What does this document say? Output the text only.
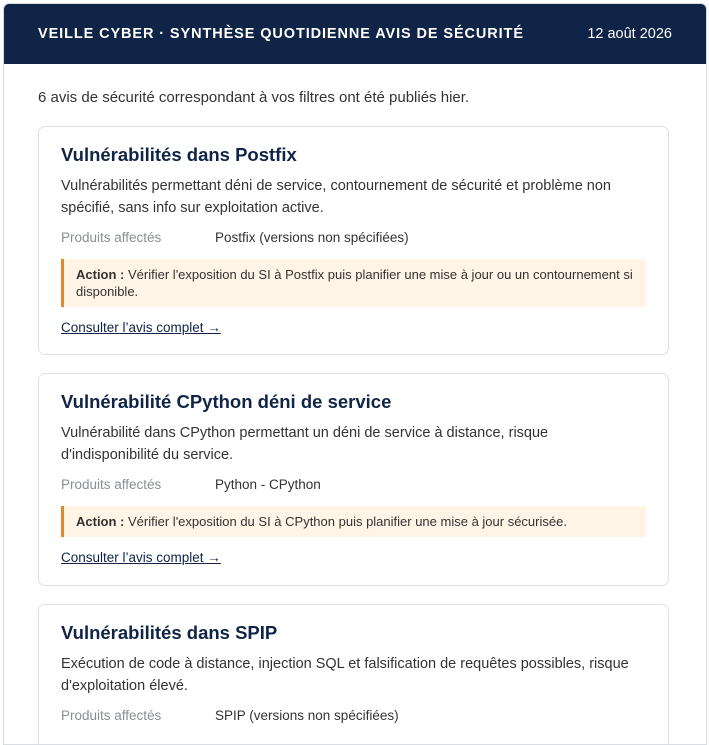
VEILLE CYBER · SYNTHÈSE QUOTIDIENNE AVIS DE SÉCURITÉ	12 août 2026
6 avis de sécurité correspondant à vos filtres ont été publiés hier.
Vulnérabilités dans Postfix
Vulnérabilités permettant déni de service, contournement de sécurité et problème non spécifié, sans info sur exploitation active.
Produits affectés	Postfix (versions non spécifiées)
Action : Vérifier l'exposition du SI à Postfix puis planifier une mise à jour ou un contournement si disponible.
Consulter l’avis complet →
Vulnérabilité CPython déni de service
Vulnérabilité dans CPython permettant un déni de service à distance, risque d'indisponibilité du service.
Produits affectés	Python - CPython
Action : Vérifier l'exposition du SI à CPython puis planifier une mise à jour sécurisée.
Consulter l’avis complet →
Vulnérabilités dans SPIP
Exécution de code à distance, injection SQL et falsification de requêtes possibles, risque d'exploitation élevé.
Produits affectés	SPIP (versions non spécifiées)
